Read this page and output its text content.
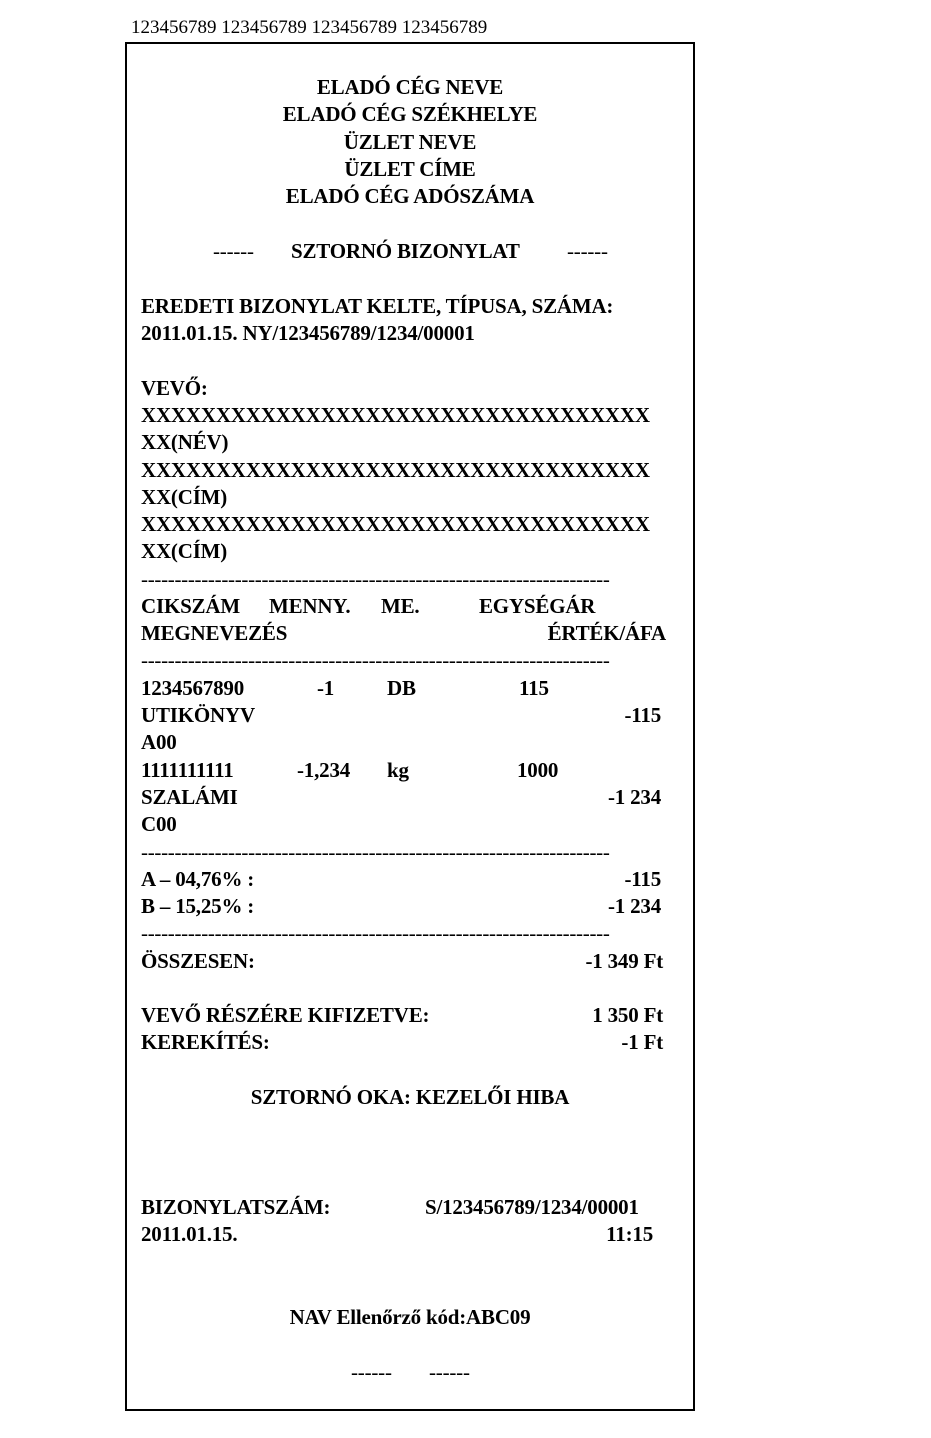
123456789 123456789 123456789 123456789
ELADÓ CÉG NEVE
ELADÓ CÉG SZÉKHELYE
ÜZLET NEVE
ÜZLET CÍME
ELADÓ CÉG ADÓSZÁMA
------ SZTORNÓ BIZONYLAT ------
EREDETI BIZONYLAT KELTE, TÍPUSA, SZÁMA:
2011.01.15. NY/123456789/1234/00001
VEVŐ:
XXXXXXXXXXXXXXXXXXXXXXXXXXXXXXXXXX
XX(NÉV)
XXXXXXXXXXXXXXXXXXXXXXXXXXXXXXXXXX
XX(CÍM)
XXXXXXXXXXXXXXXXXXXXXXXXXXXXXXXXXX
XX(CÍM)
----------------------------------------------------------------------
CIKSZÁM MENNY. ME.	EGYSÉGÁR
MEGNEVEZÉS	ÉRTÉK/ÁFA
----------------------------------------------------------------------
1234567890	-1	DB	115
UTIKÖNYV	-115
A00
1111111111	-1,234 kg	1000
SZALÁMI	-1 234
C00
----------------------------------------------------------------------
A – 04,76% :	-115
B – 15,25% :	-1 234
----------------------------------------------------------------------
ÖSSZESEN:	-1 349 Ft
VEVŐ RÉSZÉRE KIFIZETVE:	1 350 Ft
KEREKÍTÉS:	-1 Ft
SZTORNÓ OKA: KEZELŐI HIBA
BIZONYLATSZÁM:	S/123456789/1234/00001
2011.01.15.	11:15
NAV Ellenőrző kód:ABC09
------ ------
